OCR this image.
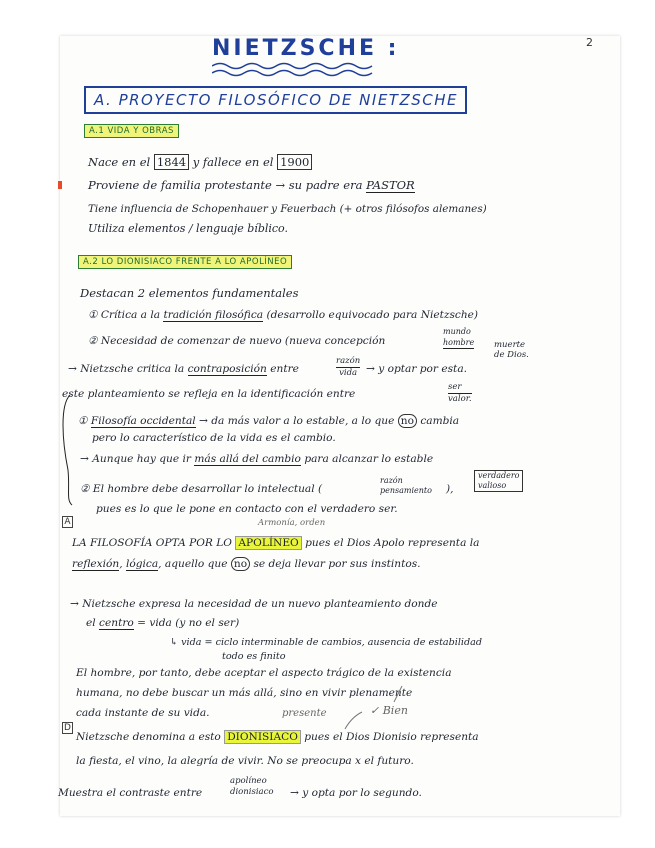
NIETZSCHE :	2
A. PROYECTO FILOSÓFICO DE NIETZSCHE
A.1 VIDA Y OBRAS
Nace en el 1844 y fallece en el 1900
Proviene de familia protestante → su padre era PASTOR
Tiene influencia de Schopenhauer y Feuerbach (+ otros filósofos alemanes)
Utiliza elementos / lenguaje bíblico.
A.2 LO DIONISIACO FRENTE A LO APOLÍNEO
Destacan 2 elementos fundamentales
① Crítica a la tradición filosófica (desarrollo equivocado para Nietzsche)
② Necesidad de comenzar de nuevo (nueva concepción
mundo
hombre muerte
de Dios.
→ Nietzsche critica la contraposición entre
razón
vida → y optar por esta.
este planteamiento se refleja en la identificación entre
ser
valor.
① Filosofía occidental → da más valor a lo estable, a lo que no cambia
pero lo característico de la vida es el cambio.
→ Aunque hay que ir más allá del cambio para alcanzar lo estable
verdadero
valioso
② El hombre debe desarrollar lo intelectual (
razón
pensamiento ),
pues es lo que le pone en contacto con el verdadero ser.
A	Armonía, orden
LA FILOSOFÍA OPTA POR LO APOLÍNEO pues el Dios Apolo representa la
reflexión, lógica, aquello que no se deja llevar por sus instintos.
→ Nietzsche expresa la necesidad de un nuevo planteamiento donde
el centro = vida (y no el ser)
↳ vida = ciclo interminable de cambios, ausencia de estabilidad
todo es finito
El hombre, por tanto, debe aceptar el aspecto trágico de la existencia
humana, no debe buscar un más allá, sino en vivir plenamente
cada instante de su vida.	presente	✓ Bien
D
Nietzsche denomina a esto DIONISIACO pues el Dios Dionisio representa
la fiesta, el vino, la alegría de vivir. No se preocupa x el futuro.
Muestra el contraste entre
apolíneo
dionisiaco → y opta por lo segundo.
